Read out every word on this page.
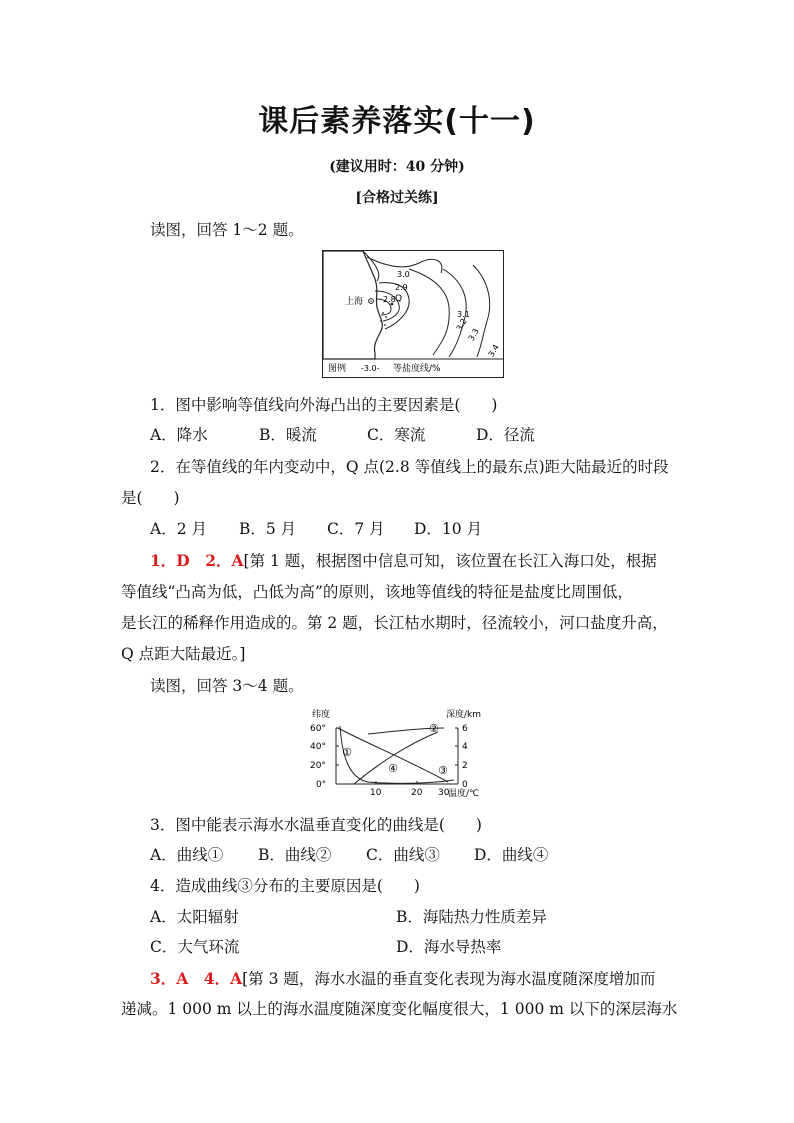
课后素养落实(十一)
(建议用时：40 分钟)
[合格过关练]
读图，回答 1～2 题。
上海	Q
3.0
2.9
2.8
3.1
3.2
3.3
3.4
图例 -3.0- 等盐度线/%
1．图中影响等值线向外海凸出的主要因素是(　　)
A．降水	B．暖流	C．寒流	D．径流
2．在等值线的年内变动中，Q 点(2.8 等值线上的最东点)距大陆最近的时段
是(　　)
A．2 月 B．5 月 C．7 月 D．10 月
1．D　2．A[第 1 题，根据图中信息可知，该位置在长江入海口处，根据
等值线“凸高为低，凸低为高”的原则，该地等值线的特征是盐度比周围低，
是长江的稀释作用造成的。第 2 题，长江枯水期时，径流较小，河口盐度升高，
Q 点距大陆最近。]
读图，回答 3～4 题。
纬度	深度/km
温度/℃
60°
40°
20°
0°
6
4
2
0
10	20 30
①
②
③
④
3．图中能表示海水水温垂直变化的曲线是(　　)
A．曲线① B．曲线② C．曲线③ D．曲线④
4．造成曲线③分布的主要原因是(　　)
A．太阳辐射	B．海陆热力性质差异
C．大气环流	D．海水导热率
3．A　4．A[第 3 题，海水水温的垂直变化表现为海水温度随深度增加而
递减。1 000 m 以上的海水温度随深度变化幅度很大，1 000 m 以下的深层海水
